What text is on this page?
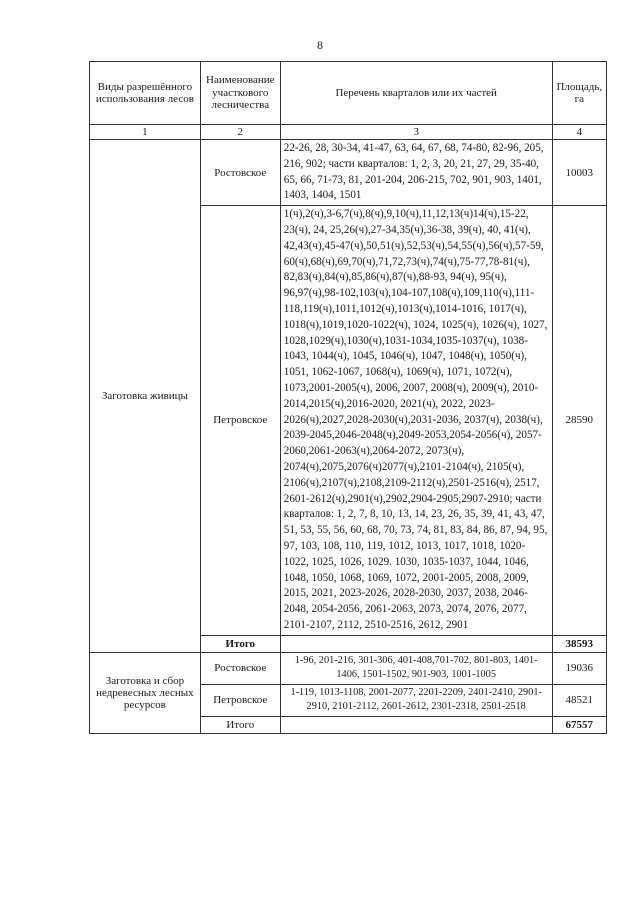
8
Виды разрешённого использования лесов	Наименование участкового лесничества	Перечень кварталов или их частей	Площадь, га
1	2	3	4
Заготовка живицы	Ростовское	22-26, 28, 30-34, 41-47, 63, 64, 67, 68, 74-80, 82-96, 205, 216, 902; части кварталов: 1, 2, 3, 20, 21, 27, 29, 35-40, 65, 66, 71-73, 81, 201-204, 206-215, 702, 901, 903, 1401, 1403, 1404, 1501	10003
	Петровское	1(ч),2(ч),3-6,7(ч),8(ч),9,10(ч),11,12,13(ч)14(ч),15-22, 23(ч), 24, 25,26(ч),27-34,35(ч),36-38, 39(ч), 40, 41(ч), 42,43(ч),45-47(ч),50,51(ч),52,53(ч),54,55(ч),56(ч),57-59, 60(ч),68(ч),69,70(ч),71,72,73(ч),74(ч),75-77,78-81(ч), 82,83(ч),84(ч),85,86(ч),87(ч),88-93, 94(ч), 95(ч), 96,97(ч),98-102,103(ч),104-107,108(ч),109,110(ч),111-118,119(ч),1011,1012(ч),1013(ч),1014-1016, 1017(ч), 1018(ч),1019,1020-1022(ч), 1024, 1025(ч), 1026(ч), 1027, 1028,1029(ч),1030(ч),1031-1034,1035-1037(ч), 1038-1043, 1044(ч), 1045, 1046(ч), 1047, 1048(ч), 1050(ч), 1051, 1062-1067, 1068(ч), 1069(ч), 1071, 1072(ч), 1073,2001-2005(ч), 2006, 2007, 2008(ч), 2009(ч), 2010-2014,2015(ч),2016-2020, 2021(ч), 2022, 2023-2026(ч),2027,2028-2030(ч),2031-2036, 2037(ч), 2038(ч), 2039-2045,2046-2048(ч),2049-2053,2054-2056(ч), 2057-2060,2061-2063(ч),2064-2072, 2073(ч), 2074(ч),2075,2076(ч)2077(ч),2101-2104(ч), 2105(ч), 2106(ч),2107(ч),2108,2109-2112(ч),2501-2516(ч), 2517, 2601-2612(ч),2901(ч),2902,2904-2905,2907-2910; части кварталов: 1, 2, 7, 8, 10, 13, 14, 23, 26, 35, 39, 41, 43, 47, 51, 53, 55, 56, 60, 68, 70, 73, 74, 81, 83, 84, 86, 87, 94, 95, 97, 103, 108, 110, 119, 1012, 1013, 1017, 1018, 1020-1022, 1025, 1026, 1029. 1030, 1035-1037, 1044, 1046, 1048, 1050, 1068, 1069, 1072, 2001-2005, 2008, 2009, 2015, 2021, 2023-2026, 2028-2030, 2037, 2038, 2046-2048, 2054-2056, 2061-2063, 2073, 2074, 2076, 2077, 2101-2107, 2112, 2510-2516, 2612, 2901	28590
	Итого		38593
Заготовка и сбор недревесных лесных ресурсов	Ростовское	1-96, 201-216, 301-306, 401-408,701-702, 801-803, 1401-1406, 1501-1502, 901-903, 1001-1005	19036
	Петровское	1-119, 1013-1108, 2001-2077, 2201-2209, 2401-2410, 2901-2910, 2101-2112, 2601-2612, 2301-2318, 2501-2518	48521
	Итого		67557
